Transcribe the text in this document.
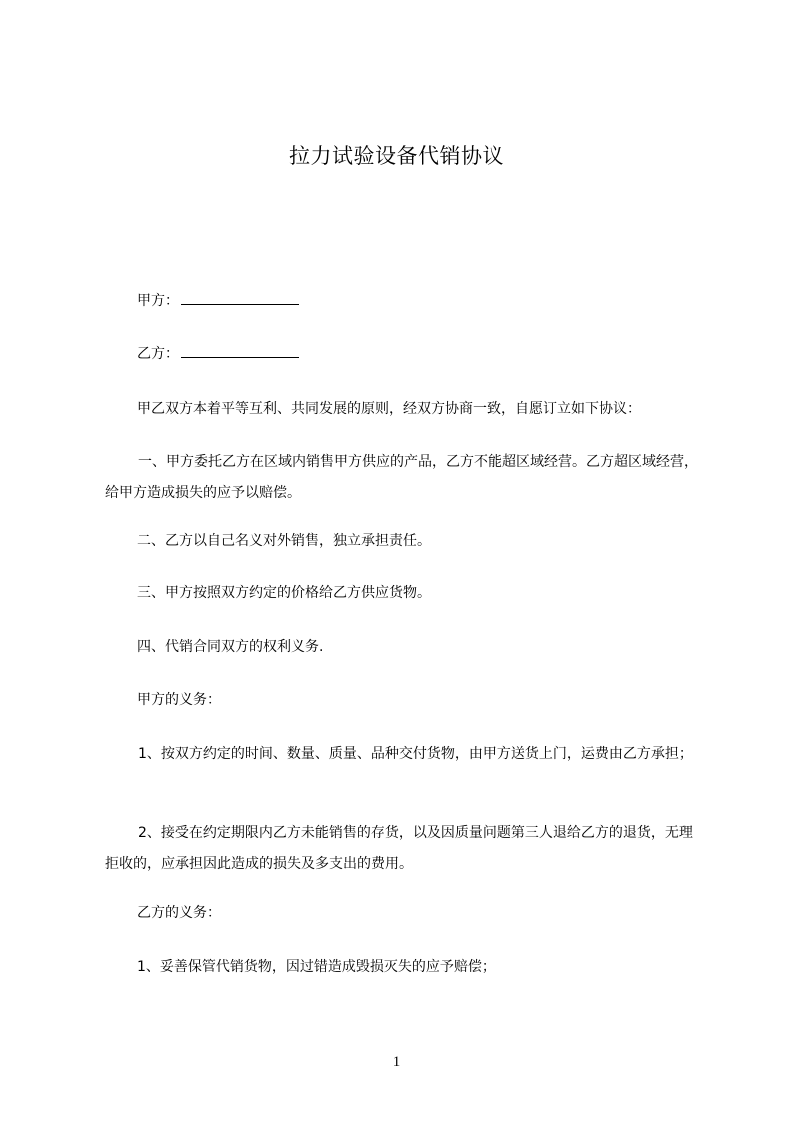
拉力试验设备代销协议

甲方：

乙方：

甲乙双方本着平等互利、共同发展的原则，经双方协商一致，自愿订立如下协议：

一、甲方委托乙方在区域内销售甲方供应的产品，乙方不能超区域经营。乙方超区域经营，给甲方造成损失的应予以赔偿。

二、乙方以自己名义对外销售，独立承担责任。

三、甲方按照双方约定的价格给乙方供应货物。

四、代销合同双方的权利义务.

甲方的义务：

1、按双方约定的时间、数量、质量、品种交付货物，由甲方送货上门，运费由乙方承担；

2、接受在约定期限内乙方未能销售的存货，以及因质量问题第三人退给乙方的退货，无理拒收的，应承担因此造成的损失及多支出的费用。

乙方的义务：

1、妥善保管代销货物，因过错造成毁损灭失的应予赔偿；

1
